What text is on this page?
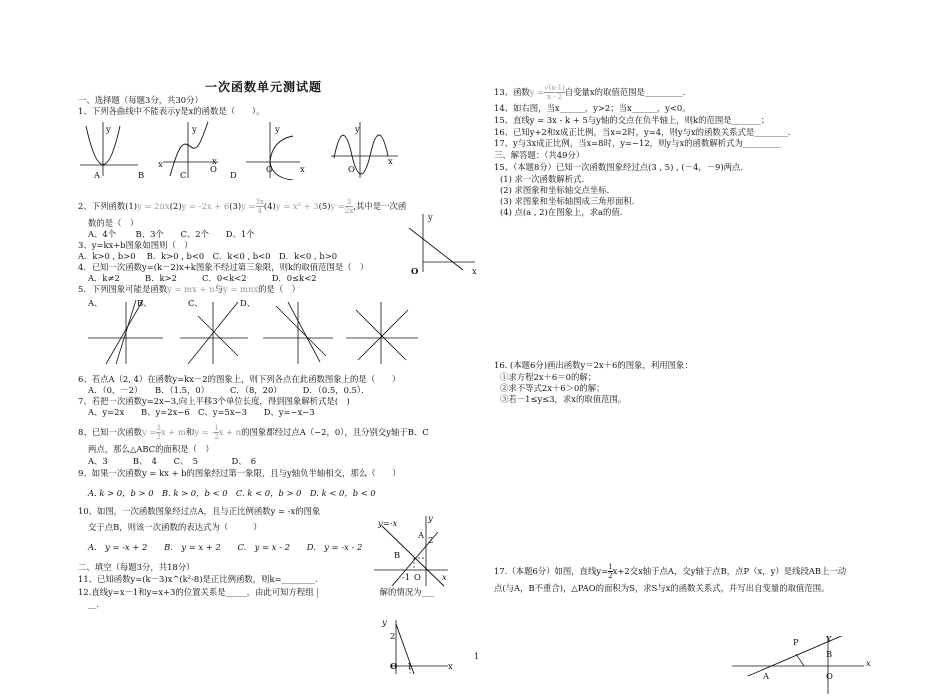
一次函数单元测试题
一、选择题（每题3分，共30分）
1、下列各曲线中不能表示y是x的函数是（　　）。
x
y	y
x
O
y
x
O
y
O
x
A	B	C	D
2、下列函数$(1)y = 2\pi x(2)y = -2x + 6(3)y = \frac{3x}{4} (4)y = x^2 + 3(5)y = \frac{3}{2x}$ ,其中是一次函
数的是（　）
A、4个　　 B、3个　　C、2个　　D、1个
y
O	x
3、y=kx+b图象如图则（　）
A．k>0 , b>0　 B．k>0 , b<0　C．k<0 , b<0　D．k<0 , b>0
4．已知一次函数y=(k－2)x+k图象不经过第三象限，则k的取值范围是（　）
A．k≠2　　　B．k>2　　　C．0<k<2　　　D．0≤k<2
5．下列图象可能是函数y = mx + n与y = mnx的是（　）
A、	B、	C、	D、
6、若点A（2, 4）在函数y=kx－2的图象上，则下列各点在此函数图象上的是（　　）
A．（0，－2）　　B．（1.5，0）　　　C．（8，20）　　　D．（0.5，0.5）．
7、若把一次函数y=2x−3,向上平移3个单位长度，得到图象解析式是(　)
A、y=2x　　B、y=2x−6　C、y=5x−3　　D、y=−x−3
8、已知一次函数$y = \frac{3}{2}$ x + m和y = - $\frac{1}{2}$ x + n的图象都经过点A（−2，0），且分别交y轴于B、C
两点，那么△ABC的面积是（　）
A、3　　　B、　4　　C、　5　　　　D、　6
9、如果一次函数y = kx + b的图象经过第一象限，且与y轴负半轴相交，那么（　　）
A. k > 0，b > 0　B. k > 0，b < 0　C. k < 0，b > 0　D. k < 0，b < 0
10、如图，一次函数图象经过点A，且与正比例函数y = -x的图象
交于点B，则该一次函数的表达式为（　　　）
A.　y = -x + 2　　B.　y = x + 2　　C.　y = x - 2　　D.　y = -x - 2
y=-x	y
A 2
B
-1 O	x
二、填空（每题3分，共18分）
11、已知函数y=(k－3)x^(k²-8)是正比例函数，则k=________.
12.直线y=x－1和y=x+3的位置关系是_____，由此可知方程组	解的情况为___
__.
y
2
O 1	x
1
13、函数$y = \frac{√(x-1)}{x - 2}$ 自变量x的取值范围是_________.
14、如右图，当x______，y>2；当x______，y<0。
15、直线y = 3x - k + 5与y轴的交点在负半轴上，则k的范围是_______；
16、已知y+2和x成正比例，当x=2时，y=4，则y与x的函数关系式是________.
17、y与3x成正比例，当x=8时，y=−12，则y与x的函数解析式为_________
三、解答题：（共49分）
15、（本题8分）已知一次函数图象经过点(3 , 5) , (－4，－9)两点.
(1) 求一次函数解析式.
(2) 求图象和坐标轴交点坐标.
(3) 求图象和坐标轴围成三角形面积.
(4) 点(a , 2)在图象上，求a的值.
16. (本题6分)画出函数y＝2x＋6的图象，利用图象：
①求方程2x＋6＝0的解；
②求不等式2x＋6＞0的解；
③若－1≤y≤3，求x的取值范围。
17.（本题6分）如图，直线$y= \frac{1}{2} x+2$交x轴于点A，交y轴于点B，点P（x，y）是线段AB上一动
点(与A，B不重合)，△PAO的面积为S，求S与x的函数关系式，并写出自变量的取值范围。
Y
P
B
x
A	O
